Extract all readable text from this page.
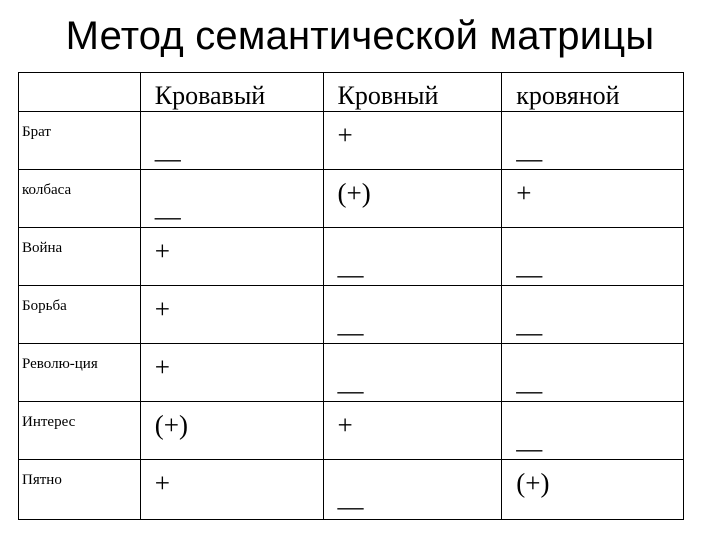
Метод семантической матрицы
	Кровавый	Кровный	кровяной
Брат	—	+	—

колбаса	—	(+)	+

Война	+	—	—

Борьба	+	—	—

Револю-ция	+	—	—

Интерес	(+)	+	—

Пятно	+	—	(+)
